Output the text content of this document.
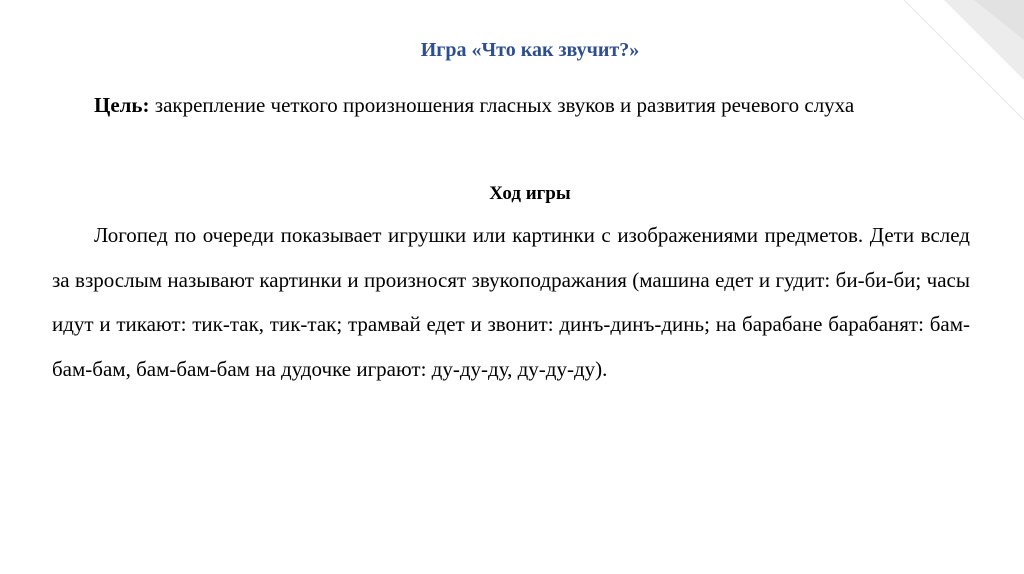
Игра «Что как звучит?»

Цель: закрепление четкого произношения гласных звуков и развития речевого слуха

Ход игры

Логопед по очереди показывает игрушки или картинки с изображениями предметов. Дети вслед за взрослым называют картинки и произносят звукоподражания (машина едет и гудит: би-би-би; часы идут и тикают: тик-так, тик-так; трамвай едет и звонит: динъ-динъ-динь; на барабане барабанят: бам-бам-бам, бам-бам-бам на дудочке играют: ду-ду-ду, ду-ду-ду).
